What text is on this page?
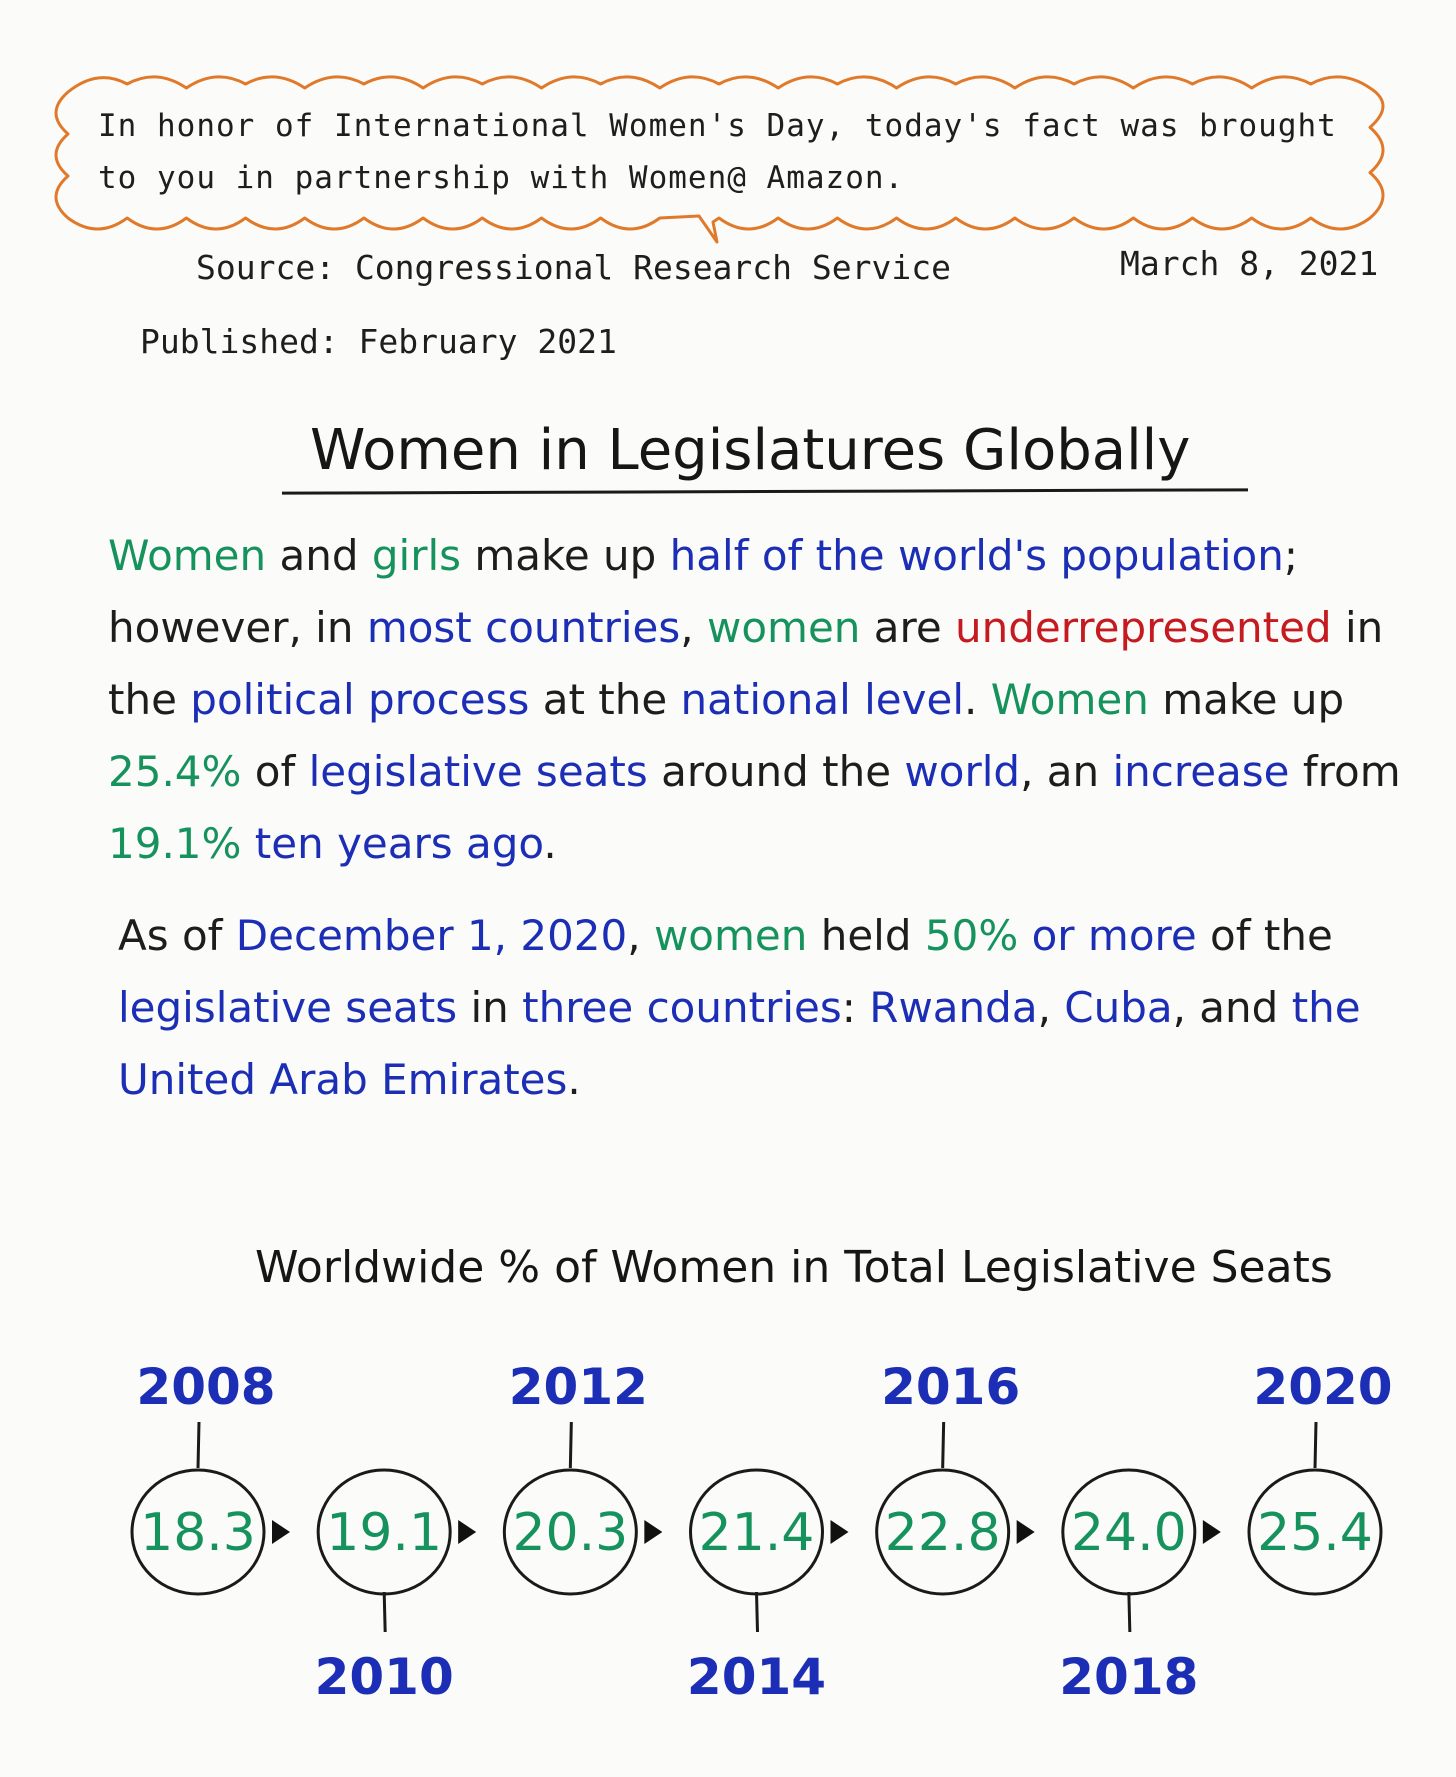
In honor of International Women's Day, today's fact was brought
to you in partnership with Women@ Amazon.
Source: Congressional Research Service	March 8, 2021
Published: February 2021
Women in Legislatures Globally
Women and girls make up half of the world's population;
however, in most countries, women are underrepresented in
the political process at the national level. Women make up
25.4% of legislative seats around the world, an increase from
19.1% ten years ago.
As of December 1, 2020, women held 50% or more of the
legislative seats in three countries: Rwanda, Cuba, and the
United Arab Emirates.
Worldwide % of Women in Total Legislative Seats
18.3
2008
19.1
2010
20.3
2012
21.4
2014
22.8
2016
24.0
2018
25.4
2020
